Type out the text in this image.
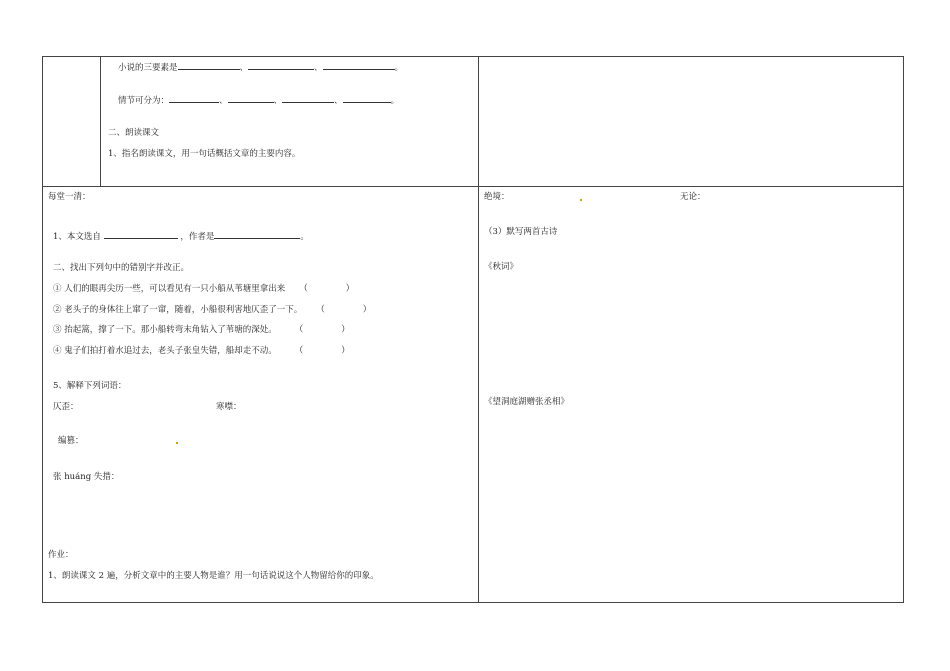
小说的三要素是	、	、	。
情节可分为：	、	、	、	。
二、朗读课文
1、指名朗读课文，用一句话概括文章的主要内容。
每堂一清：
1、本文选自	，作者是	。
二、找出下列句中的错别字并改正。
① 人们的眼再尖历一些，可以看见有一只小船从苇塘里拿出来 （	）
② 老头子的身体往上窜了一窜，随着，小船很利害地仄歪了一下。 （	）
③ 抬起篙，撑了一下。那小船转弯末角钻入了苇塘的深处。 （	）
④ 鬼子们拍打着水追过去，老头子张皇失错，船却走不动。 （	）
5、解释下列词语：
仄歪：	寒噤：
编篡：
张 huáng 失措：
作业：
1、朗读课文 2 遍，分析文章中的主要人物是谁？用一句话说说这个人物留给你的印象。
绝境：	无论：
（3）默写两首古诗
《秋词》
《望洞庭湖赠张丞相》
